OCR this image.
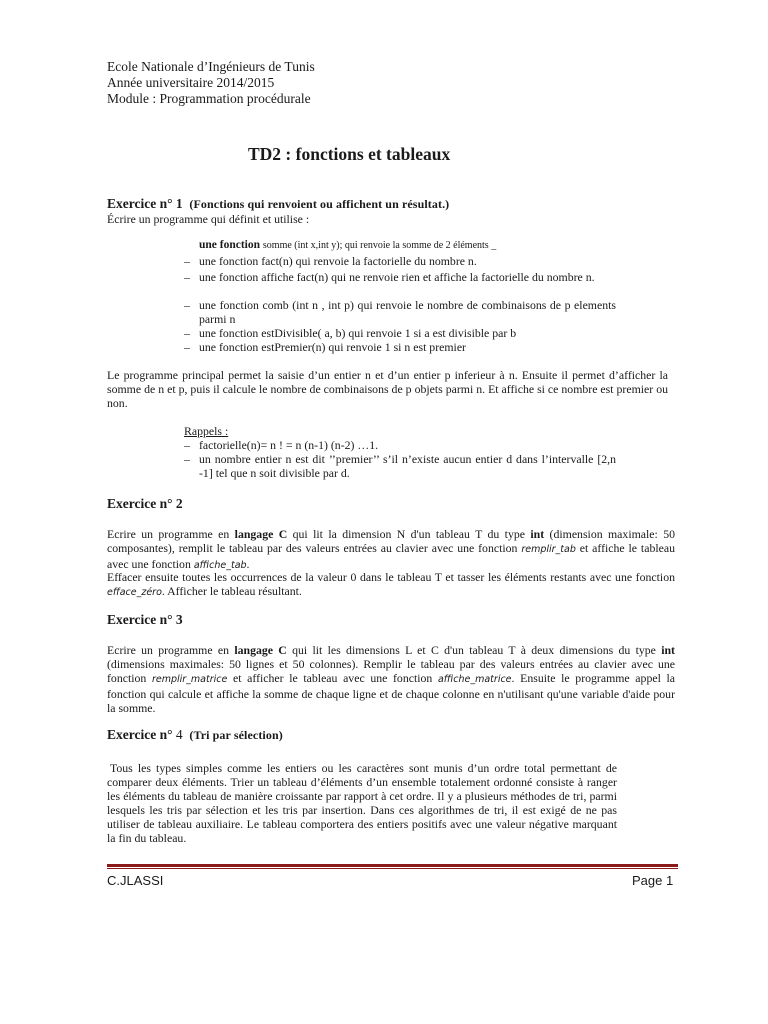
Ecole Nationale d’Ingénieurs de Tunis
Année universitaire 2014/2015
Module : Programmation procédurale
TD2 : fonctions et tableaux
Exercice n° 1 (Fonctions qui renvoient ou affichent un résultat.)
Écrire un programme qui définit et utilise :
une fonction somme (int x,int y); qui renvoie la somme de 2 éléments _
– une fonction fact(n) qui renvoie la factorielle du nombre n.
– une fonction affiche fact(n) qui ne renvoie rien et affiche la factorielle du nombre n.
– une fonction comb (int n , int p) qui renvoie le nombre de combinaisons de p elements parmi n
– une fonction estDivisible( a, b) qui renvoie 1 si a est divisible par b
– une fonction estPremier(n) qui renvoie 1 si n est premier
Le programme principal permet la saisie d’un entier n et d’un entier p inferieur à n. Ensuite il permet d’afficher la somme de n et p, puis il calcule le nombre de combinaisons de p objets parmi n. Et affiche si ce nombre est premier ou non.
Rappels :
– factorielle(n)= n ! = n (n-1) (n-2) …1.
– un nombre entier n est dit ’’premier’’ s’il n’existe aucun entier d dans l’intervalle [2,n -1] tel que n soit divisible par d.
Exercice n° 2
Ecrire un programme en langage C qui lit la dimension N d'un tableau T du type int (dimension maximale: 50 composantes), remplit le tableau par des valeurs entrées au clavier avec une fonction remplir_tab et affiche le tableau avec une fonction affiche_tab.
Effacer ensuite toutes les occurrences de la valeur 0 dans le tableau T et tasser les éléments restants avec une fonction efface_zéro. Afficher le tableau résultant.
Exercice n° 3
Ecrire un programme en langage C qui lit les dimensions L et C d'un tableau T à deux dimensions du type int (dimensions maximales: 50 lignes et 50 colonnes). Remplir le tableau par des valeurs entrées au clavier avec une fonction remplir_matrice et afficher le tableau avec une fonction affiche_matrice. Ensuite le programme appel la fonction qui calcule et affiche la somme de chaque ligne et de chaque colonne en n'utilisant qu'une variable d'aide pour la somme.
Exercice n° 4 (Tri par sélection)
Tous les types simples comme les entiers ou les caractères sont munis d’un ordre total permettant de comparer deux éléments. Trier un tableau d’éléments d’un ensemble totalement ordonné consiste à ranger les éléments du tableau de manière croissante par rapport à cet ordre. Il y a plusieurs méthodes de tri, parmi lesquels les tris par sélection et les tris par insertion. Dans ces algorithmes de tri, il est exigé de ne pas utiliser de tableau auxiliaire. Le tableau comportera des entiers positifs avec une valeur négative marquant la fin du tableau.
C.JLASSI	Page 1
